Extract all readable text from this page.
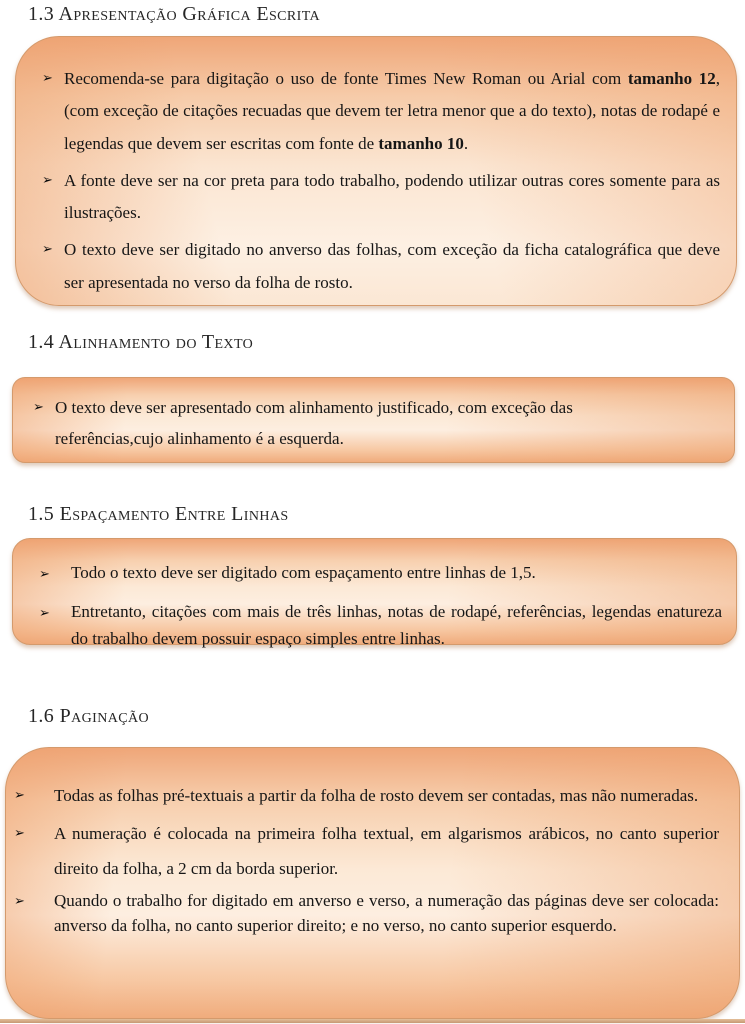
1.3 Apresentação Gráfica Escrita
➢ Recomenda-se para digitação o uso de fonte Times New Roman ou Arial com tamanho 12, (com exceção de citações recuadas que devem ter letra menor que a do texto), notas de rodapé e legendas que devem ser escritas com fonte de tamanho 10.

➢ A fonte deve ser na cor preta para todo trabalho, podendo utilizar outras cores somente para as ilustrações.

➢ O texto deve ser digitado no anverso das folhas, com exceção da ficha catalográfica que deve ser apresentada no verso da folha de rosto.

1.4 Alinhamento do Texto
➢ O texto deve ser apresentado com alinhamento justificado, com exceção das referências,cujo alinhamento é a esquerda.

1.5 Espaçamento Entre Linhas
➢	Todo o texto deve ser digitado com espaçamento entre linhas de 1,5.

➢	Entretanto, citações com mais de três linhas, notas de rodapé, referências, legendas enatureza do trabalho devem possuir espaço simples entre linhas.

1.6 Paginação
➢	Todas as folhas pré-textuais a partir da folha de rosto devem ser contadas, mas não numeradas.

➢	A numeração é colocada na primeira folha textual, em algarismos arábicos, no canto superior direito da folha, a 2 cm da borda superior.

➢	Quando o trabalho for digitado em anverso e verso, a numeração das páginas deve ser colocada: anverso da folha, no canto superior direito; e no verso, no canto superior esquerdo.
